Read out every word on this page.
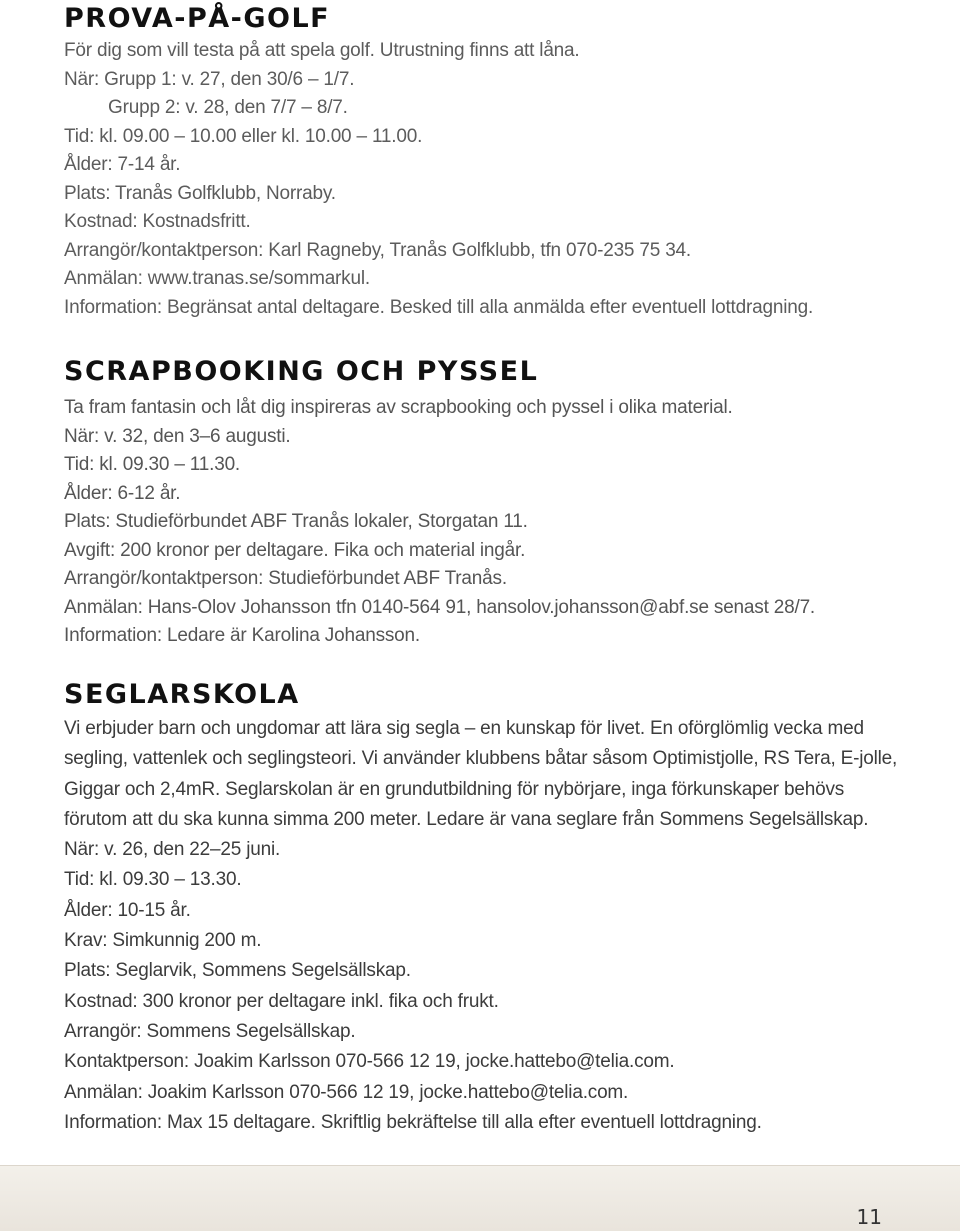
PROVA-PÅ-GOLF
För dig som vill testa på att spela golf. Utrustning finns att låna.
När: Grupp 1: v. 27, den 30/6 – 1/7.
Grupp 2: v. 28, den 7/7 – 8/7.
Tid: kl. 09.00 – 10.00 eller kl. 10.00 – 11.00.
Ålder: 7-14 år.
Plats: Tranås Golfklubb, Norraby.
Kostnad: Kostnadsfritt.
Arrangör/kontaktperson: Karl Ragneby, Tranås Golfklubb, tfn 070-235 75 34.
Anmälan: www.tranas.se/sommarkul.
Information: Begränsat antal deltagare. Besked till alla anmälda efter eventuell lottdragning.
SCRAPBOOKING OCH PYSSEL
Ta fram fantasin och låt dig inspireras av scrapbooking och pyssel i olika material.
När: v. 32, den 3–6 augusti.
Tid: kl. 09.30 – 11.30.
Ålder: 6-12 år.
Plats: Studieförbundet ABF Tranås lokaler, Storgatan 11.
Avgift: 200 kronor per deltagare. Fika och material ingår.
Arrangör/kontaktperson: Studieförbundet ABF Tranås.
Anmälan: Hans-Olov Johansson tfn 0140-564 91, hansolov.johansson@abf.se senast 28/7.
Information: Ledare är Karolina Johansson.
SEGLARSKOLA
Vi erbjuder barn och ungdomar att lära sig segla – en kunskap för livet. En oförglömlig vecka med
segling, vattenlek och seglingsteori. Vi använder klubbens båtar såsom Optimistjolle, RS Tera, E-jolle,
Giggar och 2,4mR. Seglarskolan är en grundutbildning för nybörjare, inga förkunskaper behövs
förutom att du ska kunna simma 200 meter. Ledare är vana seglare från Sommens Segelsällskap.
När: v. 26, den 22–25 juni.
Tid: kl. 09.30 – 13.30.
Ålder: 10-15 år.
Krav: Simkunnig 200 m.
Plats: Seglarvik, Sommens Segelsällskap.
Kostnad: 300 kronor per deltagare inkl. fika och frukt.
Arrangör: Sommens Segelsällskap.
Kontaktperson: Joakim Karlsson 070-566 12 19, jocke.hattebo@telia.com.
Anmälan: Joakim Karlsson 070-566 12 19, jocke.hattebo@telia.com.
Information: Max 15 deltagare. Skriftlig bekräftelse till alla efter eventuell lottdragning.
11
